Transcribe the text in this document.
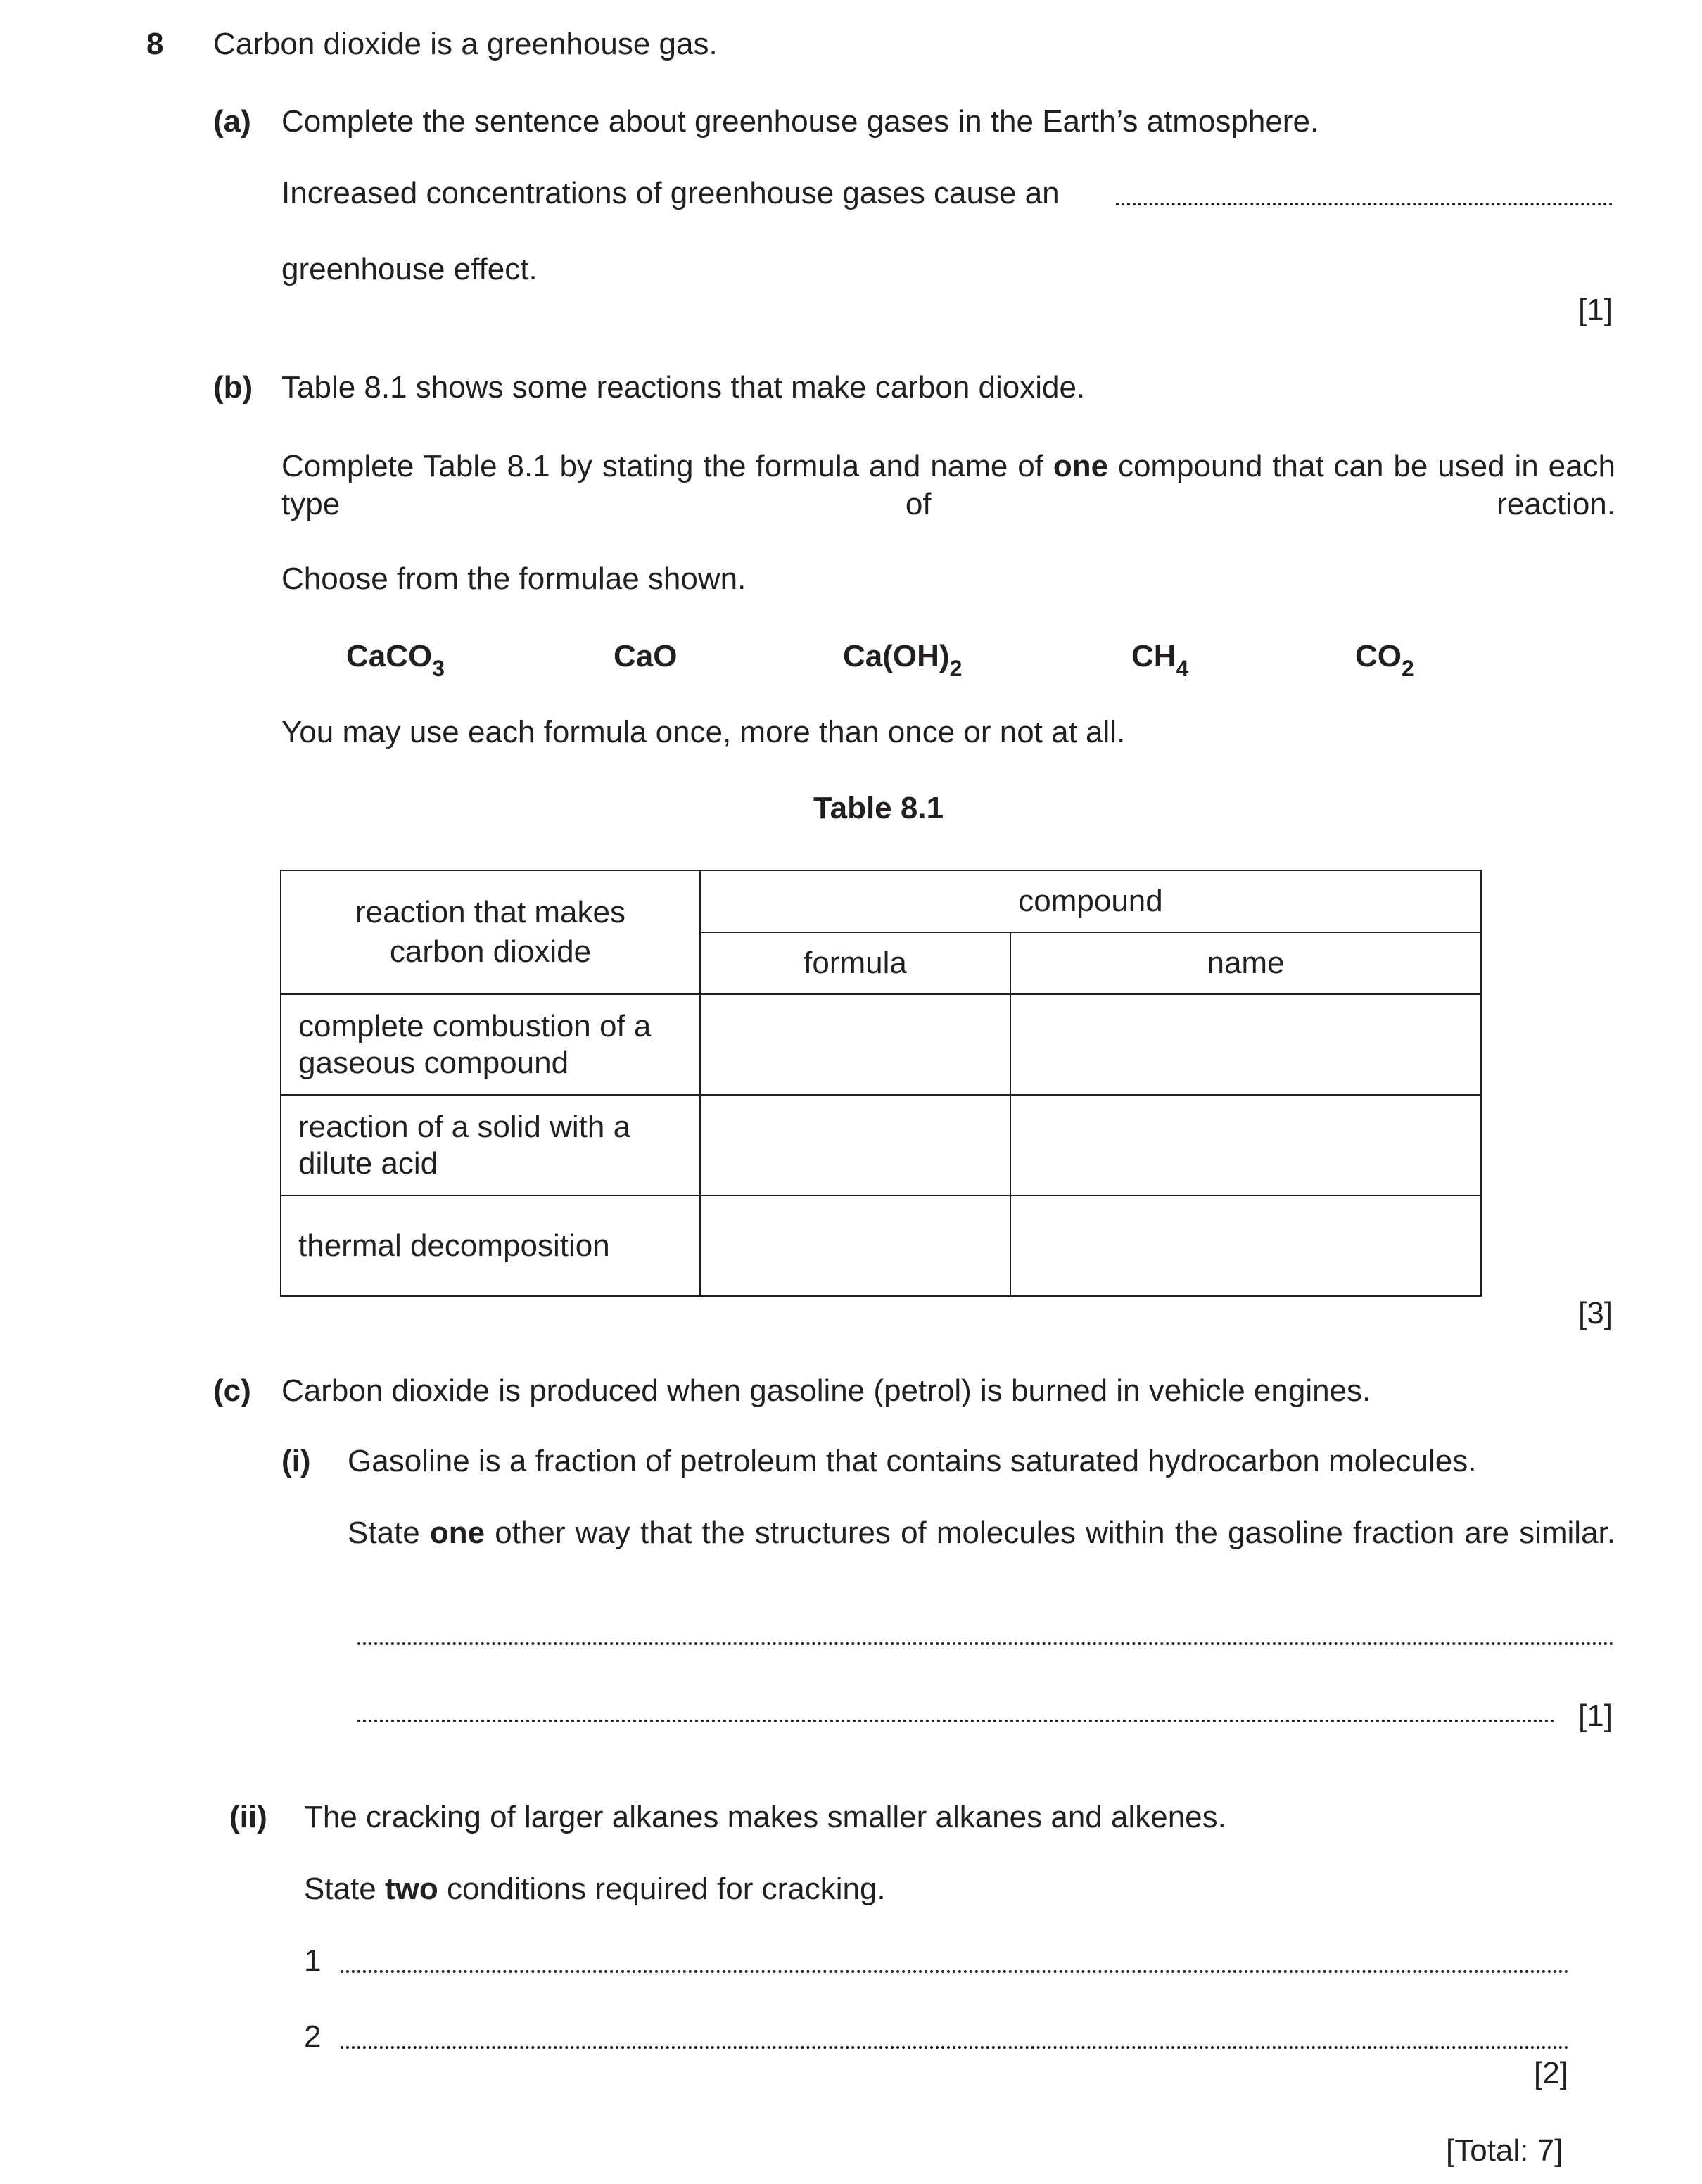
8 Carbon dioxide is a greenhouse gas.
(a) Complete the sentence about greenhouse gases in the Earth’s atmosphere.
Increased concentrations of greenhouse gases cause an
greenhouse effect.
[1]
(b) Table 8.1 shows some reactions that make carbon dioxide.
Complete Table 8.1 by stating the formula and name of one compound that can be used in each type of reaction.
Choose from the formulae shown.
CaCO$_3$	CaO	$Ca(OH)_2$	$CH_4$	$CO_2$
You may use each formula once, more than once or not at all.
Table 8.1
reaction that makes carbon dioxide	compound	
	formula	name
complete combustion of a gaseous compound		
reaction of a solid with a dilute acid		
thermal decomposition		
[3]
(c) Carbon dioxide is produced when gasoline (petrol) is burned in vehicle engines.
(i) Gasoline is a fraction of petroleum that contains saturated hydrocarbon molecules.
State one other way that the structures of molecules within the gasoline fraction are similar.
[1]
(ii) The cracking of larger alkanes makes smaller alkanes and alkenes.
State two conditions required for cracking.
1
2
[2]
[Total: 7]
